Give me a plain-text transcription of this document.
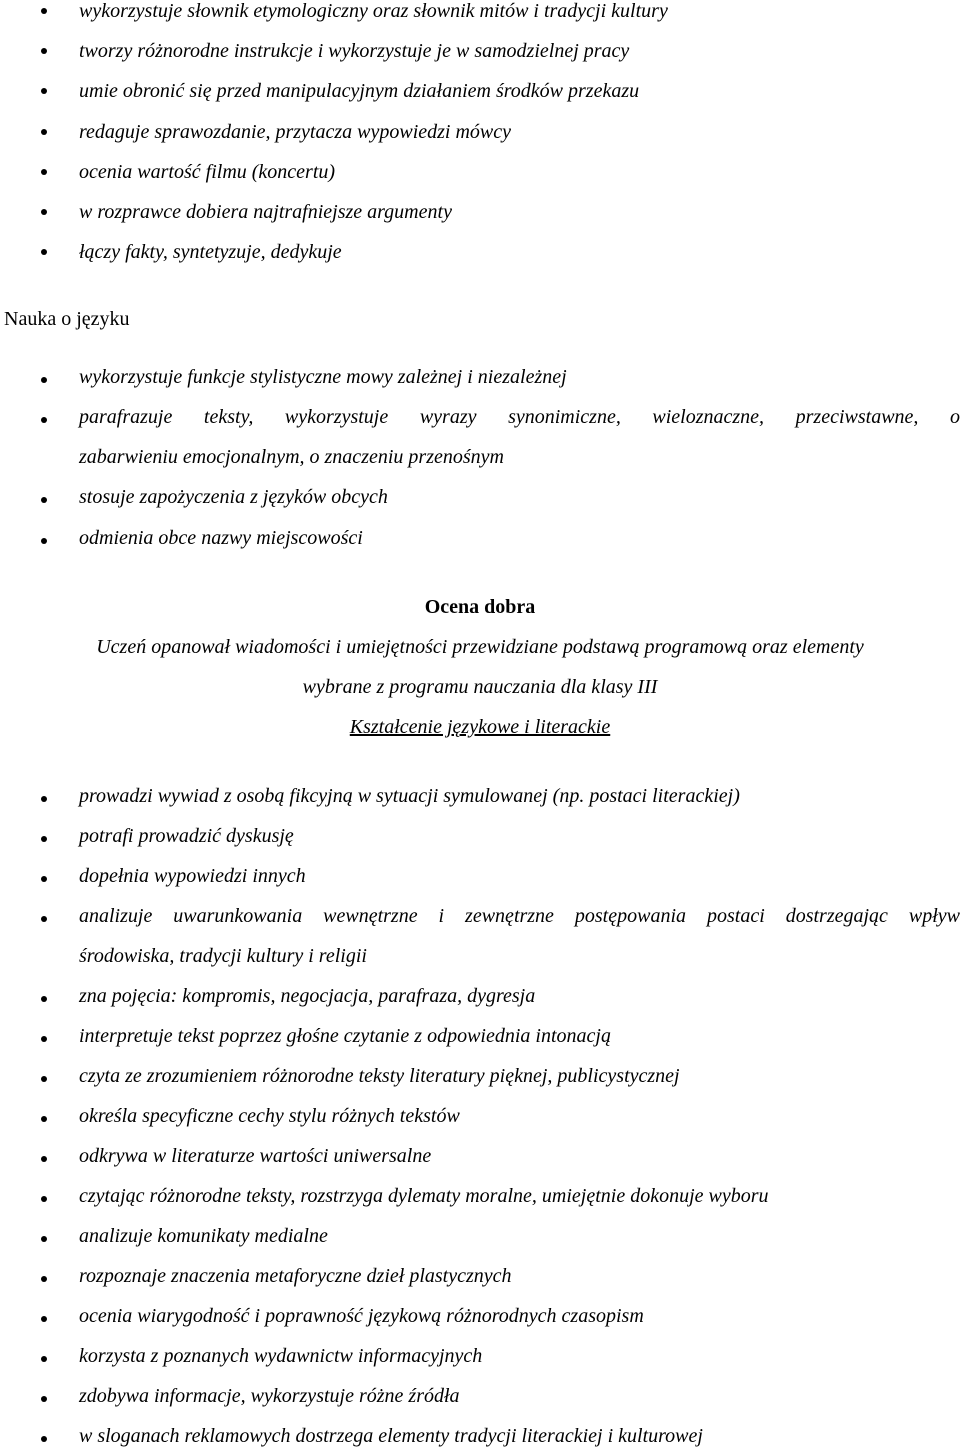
wykorzystuje słownik etymologiczny oraz słownik mitów i tradycji kultury
tworzy różnorodne instrukcje i wykorzystuje je w samodzielnej pracy
umie obronić się przed manipulacyjnym działaniem środków przekazu
redaguje sprawozdanie, przytacza wypowiedzi mówcy
ocenia wartość filmu (koncertu)
w rozprawce dobiera najtrafniejsze argumenty
łączy fakty, syntetyzuje, dedykuje
Nauka o języku
wykorzystuje funkcje stylistyczne mowy zależnej i niezależnej
parafrazuje teksty, wykorzystuje wyrazy synonimiczne, wieloznaczne, przeciwstawne, o
zabarwieniu emocjonalnym, o znaczeniu przenośnym
stosuje zapożyczenia z języków obcych
odmienia obce nazwy miejscowości
Ocena dobra
Uczeń opanował wiadomości i umiejętności przewidziane podstawą programową oraz elementy
wybrane z programu nauczania dla klasy III
Kształcenie językowe i literackie
prowadzi wywiad z osobą fikcyjną w sytuacji symulowanej (np. postaci literackiej)
potrafi prowadzić dyskusję
dopełnia wypowiedzi innych
analizuje uwarunkowania wewnętrzne i zewnętrzne postępowania postaci dostrzegając wpływ
środowiska, tradycji kultury i religii
zna pojęcia: kompromis, negocjacja, parafraza, dygresja
interpretuje tekst poprzez głośne czytanie z odpowiednia intonacją
czyta ze zrozumieniem różnorodne teksty literatury pięknej, publicystycznej
określa specyficzne cechy stylu różnych tekstów
odkrywa w literaturze wartości uniwersalne
czytając różnorodne teksty, rozstrzyga dylematy moralne, umiejętnie dokonuje wyboru
analizuje komunikaty medialne
rozpoznaje znaczenia metaforyczne dzieł plastycznych
ocenia wiarygodność i poprawność językową różnorodnych czasopism
korzysta z poznanych wydawnictw informacyjnych
zdobywa informacje, wykorzystuje różne źródła
w sloganach reklamowych dostrzega elementy tradycji literackiej i kulturowej
